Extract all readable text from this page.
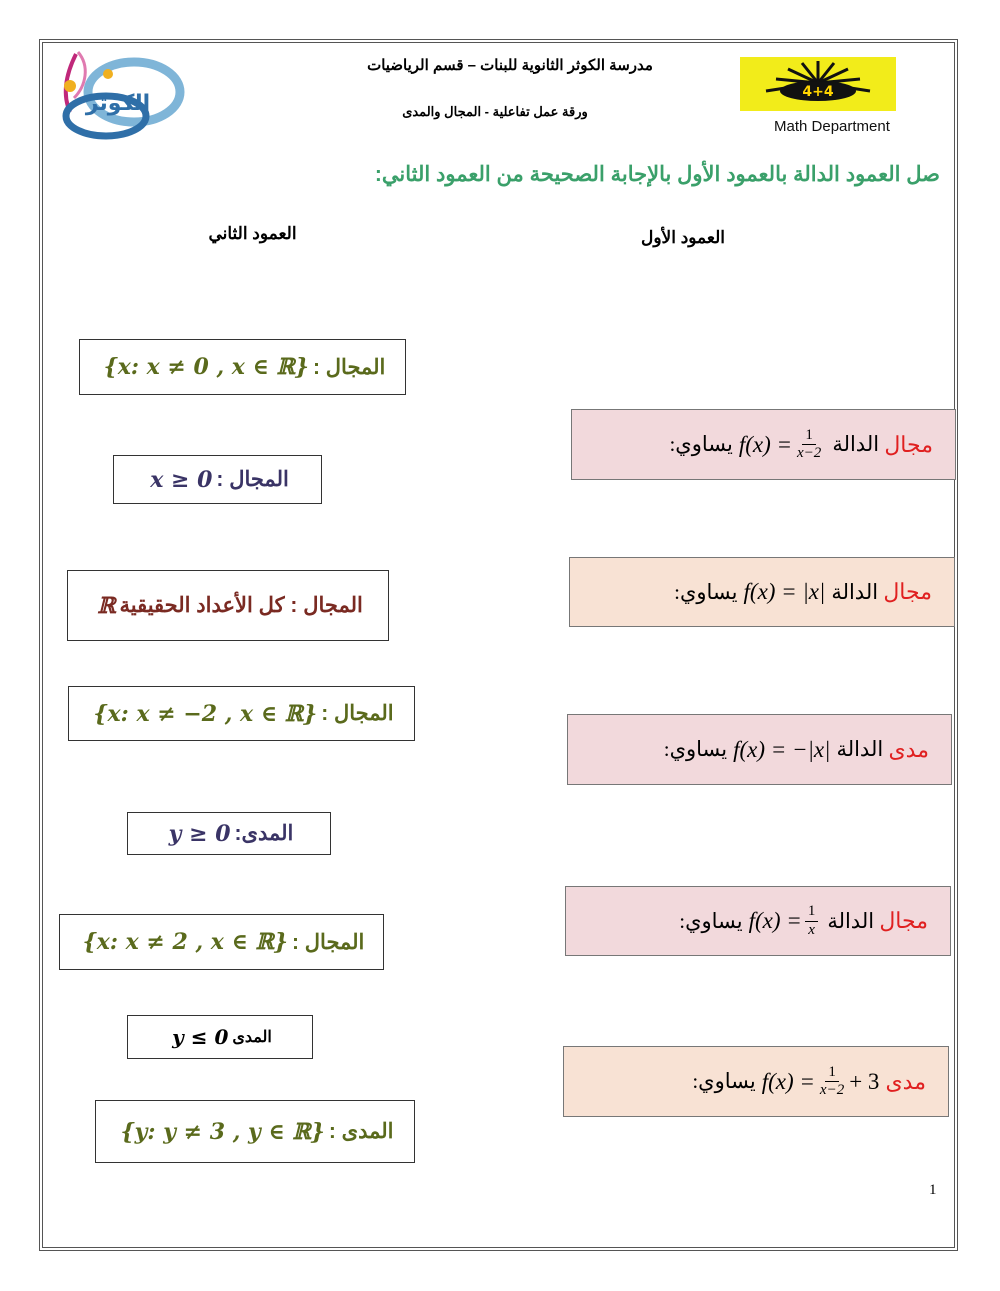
الكوثر	4+4
Math Department
مدرسة الكوثر الثانوية للبنات – قسم الرياضيات
ورقة عمل تفاعلية - المجال والمدى
صل العمود الدالة بالعمود الأول بالإجابة الصحيحة من العمود الثاني:
العمود الثاني	العمود الأول
مجال

الدالة
$f(x) = \frac{1}{x-2}$
يساوي:
مجال

الدالة
f(x) = |x|
يساوي:
مدى

الدالة
f(x) = −|x|
يساوي:
مجال

الدالة
$f(x) = \frac{1}{x}$
يساوي:
مدى
$f(x) = \frac{1}{x-2} + 3$
يساوي:
المجال :
{x: x ≠ 0 , x ∈ ℝ}
المجال :
x ≥ 0
المجال : كل الأعداد الحقيقية
ℝ
المجال :
{x: x ≠ −2 , x ∈ ℝ}
المدى:
y ≥ 0
المجال :
{x: x ≠ 2 , x ∈ ℝ}
المدى
y ≤ 0
المدى :
{y: y ≠ 3 , y ∈ ℝ}
1
